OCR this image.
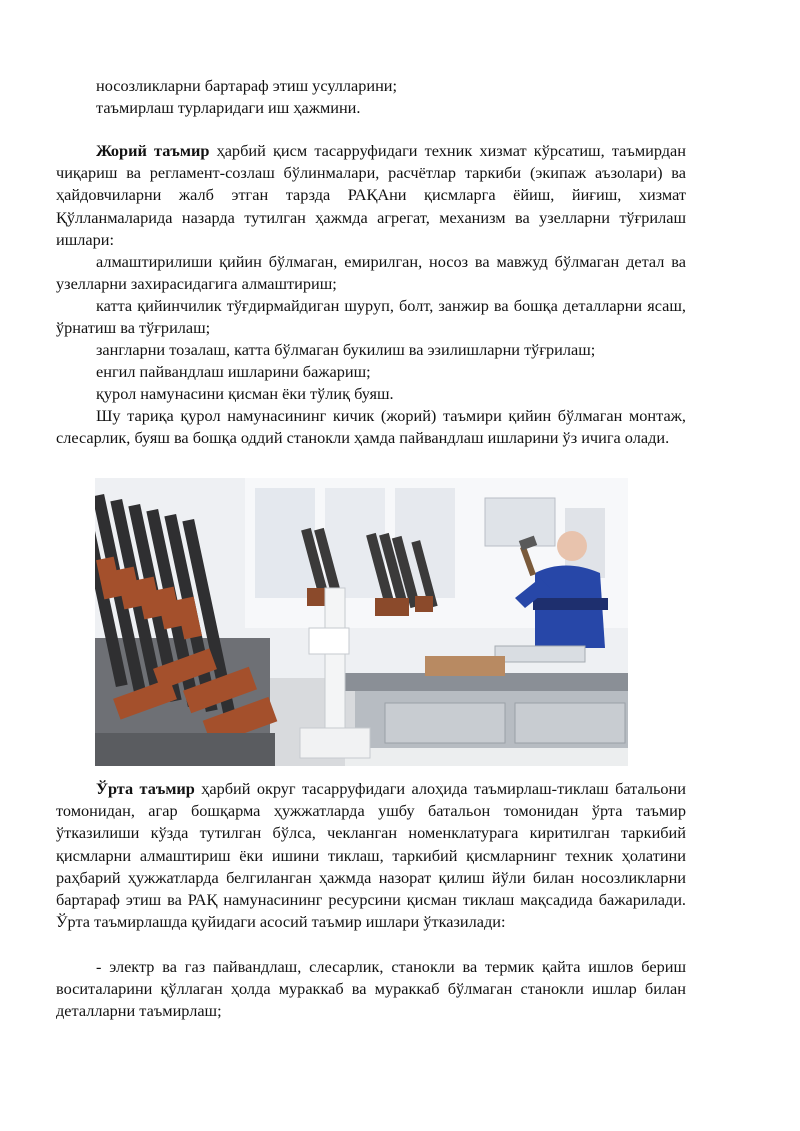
носозликларни бартараф этиш усулларини;
таъмирлаш турларидаги иш ҳажмини.
Жорий таъмир ҳарбий қисм тасарруфидаги техник хизмат кўрсатиш, таъмирдан чиқариш ва регламент-созлаш бўлинмалари, расчётлар таркиби (экипаж аъзолари) ва ҳайдовчиларни жалб этган тарзда РАҚАни қисмларга ёйиш, йиғиш, хизмат Қўлланмаларида назарда тутилган ҳажмда агрегат, механизм ва узелларни тўғрилаш ишлари:
алмаштирилиши қийин бўлмаган, емирилган, носоз ва мавжуд бўлмаган детал ва узелларни захирасидагига алмаштириш;
катта қийинчилик тўғдирмайдиган шуруп, болт, занжир ва бошқа деталларни ясаш, ўрнатиш ва тўғрилаш;
зангларни тозалаш, катта бўлмаган букилиш ва эзилишларни тўғрилаш;
енгил пайвандлаш ишларини бажариш;
қурол намунасини қисман ёки тўлиқ буяш.
Шу тариқа қурол намунасининг кичик (жорий) таъмири қийин бўлмаган монтаж, слесарлик, буяш ва бошқа оддий станокли ҳамда пайвандлаш ишларини ўз ичига олади.
Ўрта таъмир ҳарбий округ тасарруфидаги алоҳида таъмирлаш-тиклаш батальони томонидан, агар бошқарма ҳужжатларда ушбу батальон томонидан ўрта таъмир ўтказилиши кўзда тутилган бўлса, чекланган номенклатурага киритилган таркибий қисмларни алмаштириш ёки ишини тиклаш, таркибий қисмларнинг техник ҳолатини раҳбарий ҳужжатларда белгиланган ҳажмда назорат қилиш йўли билан носозликларни бартараф этиш ва РАҚ намунасининг ресурсини қисман тиклаш мақсадида бажарилади. Ўрта таъмирлашда қуйидаги асосий таъмир ишлари ўтказилади:
- электр ва газ пайвандлаш, слесарлик, станокли ва термик қайта ишлов бериш воситаларини қўллаган ҳолда мураккаб ва мураккаб бўлмаган станокли ишлар билан деталларни таъмирлаш;
